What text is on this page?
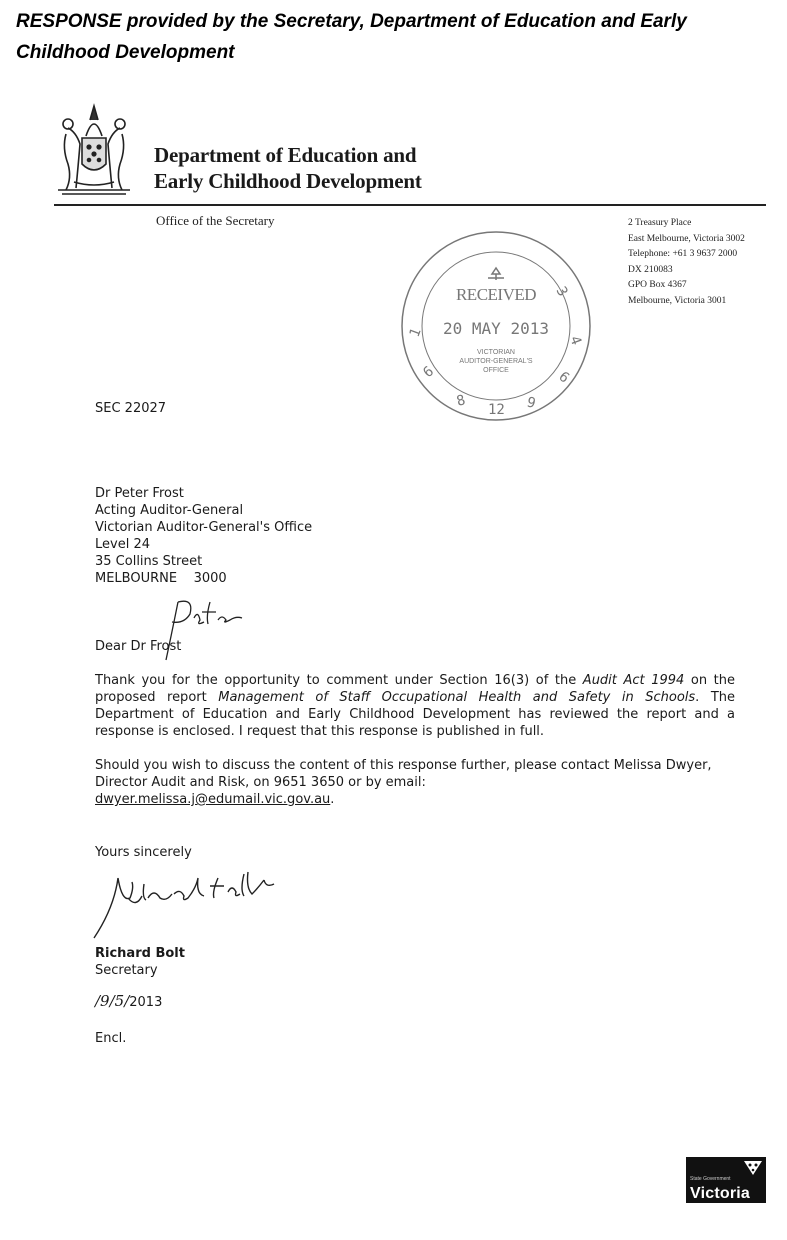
RESPONSE provided by the Secretary, Department of Education and Early Childhood Development
Department of Education and
Early Childhood Development
Office of the Secretary	2 Treasury Place
East Melbourne, Victoria 3002
Telephone: +61 3 9637 2000
DX 210083
GPO Box 4367
Melbourne, Victoria 3001
1
6
8
12 9
6
4
3
RECEIVED
20 MAY 2013
VICTORIAN
AUDITOR-GENERAL'S
OFFICE
SEC 22027
Dr Peter Frost
Acting Auditor-General
Victorian Auditor-General's Office
Level 24
35 Collins Street
MELBOURNE    3000
Dear Dr Frost
Thank you for the opportunity to comment under Section 16(3) of the Audit Act 1994 on the proposed report Management of Staff Occupational Health and Safety in Schools. The Department of Education and Early Childhood Development has reviewed the report and a response is enclosed. I request that this response is published in full.
Should you wish to discuss the content of this response further, please contact Melissa Dwyer, Director Audit and Risk, on 9651 3650 or by email:
dwyer.melissa.j@edumail.vic.gov.au.
Yours sincerely
Richard Bolt
Secretary
/9/5/2013
Encl.
State Government
Victoria
